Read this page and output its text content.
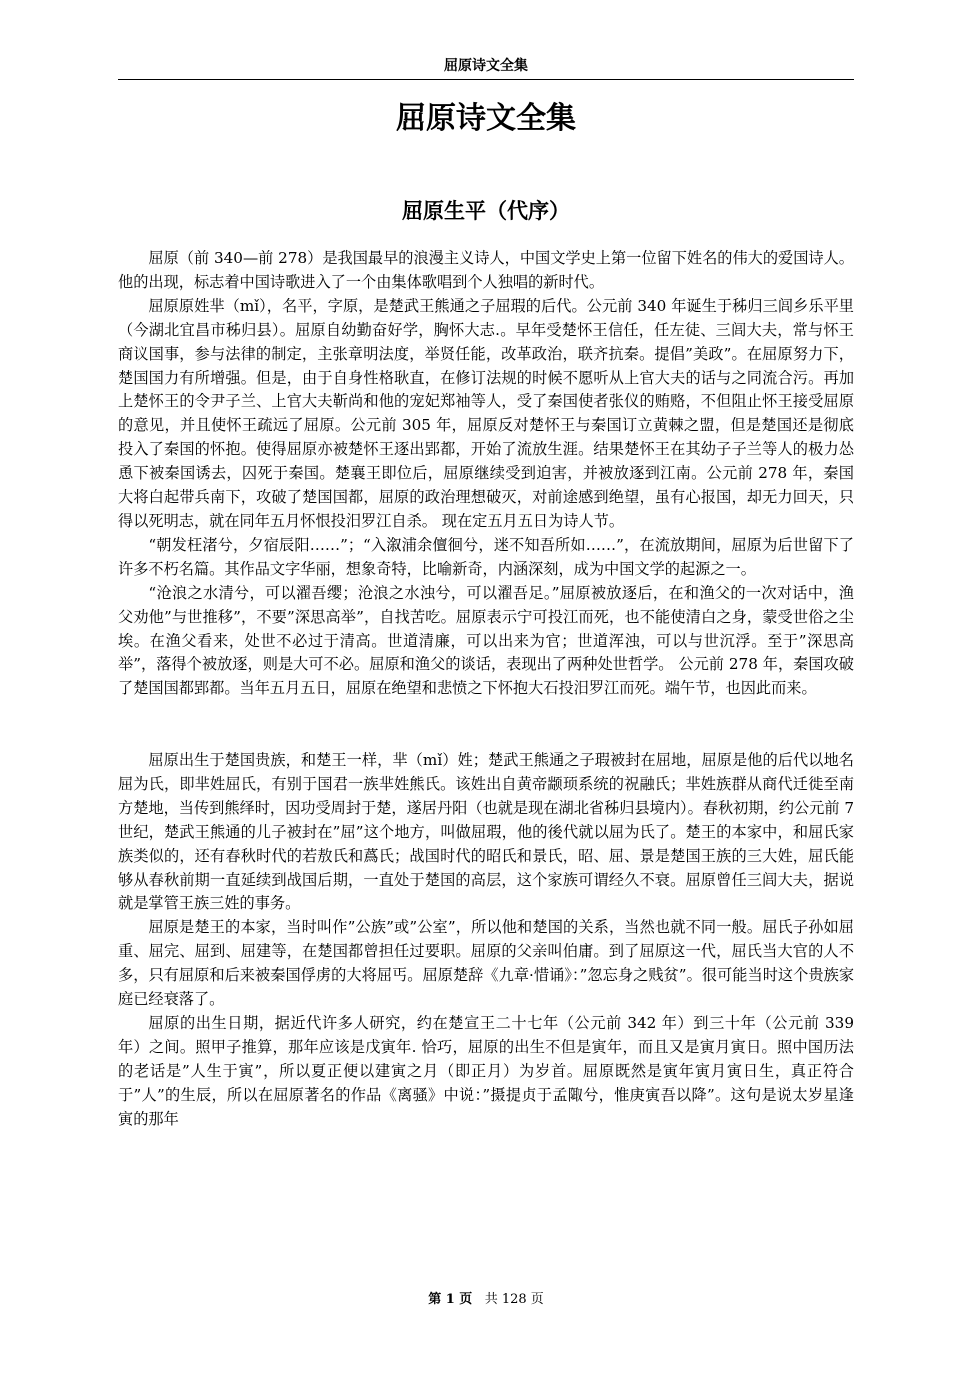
屈原诗文全集
屈原诗文全集
屈原生平（代序）

屈原（前 340—前 278）是我国最早的浪漫主义诗人，中国文学史上第一位留下姓名的伟大的爱国诗人。他的出现，标志着中国诗歌进入了一个由集体歌唱到个人独唱的新时代。

屈原原姓芈（mǐ），名平，字原，是楚武王熊通之子屈瑕的后代。公元前 340 年诞生于秭归三闾乡乐平里（今湖北宜昌市秭归县）。屈原自幼勤奋好学，胸怀大志.。早年受楚怀王信任，任左徒、三闾大夫，常与怀王商议国事，参与法律的制定，主张章明法度，举贤任能，改革政治，联齐抗秦。提倡”美政”。在屈原努力下，楚国国力有所增强。但是，由于自身性格耿直，在修订法规的时候不愿听从上官大夫的话与之同流合污。再加上楚怀王的令尹子兰、上官大夫靳尚和他的宠妃郑袖等人，受了秦国使者张仪的贿赂，不但阻止怀王接受屈原的意见，并且使怀王疏远了屈原。公元前 305 年，屈原反对楚怀王与秦国订立黄棘之盟，但是楚国还是彻底投入了秦国的怀抱。使得屈原亦被楚怀王逐出郢都，开始了流放生涯。结果楚怀王在其幼子子兰等人的极力怂恿下被秦国诱去，囚死于秦国。楚襄王即位后，屈原继续受到迫害，并被放逐到江南。公元前 278 年，秦国大将白起带兵南下，攻破了楚国国都，屈原的政治理想破灭，对前途感到绝望，虽有心报国，却无力回天，只得以死明志，就在同年五月怀恨投汨罗江自杀。 现在定五月五日为诗人节。

“朝发枉渚兮，夕宿辰阳……”；“入溆浦余儃徊兮，迷不知吾所如……”，在流放期间，屈原为后世留下了许多不朽名篇。其作品文字华丽，想象奇特，比喻新奇，内涵深刻，成为中国文学的起源之一。

“沧浪之水清兮，可以濯吾缨；沧浪之水浊兮，可以濯吾足。”屈原被放逐后，在和渔父的一次对话中，渔父劝他”与世推移”，不要”深思高举”，自找苦吃。屈原表示宁可投江而死，也不能使清白之身，蒙受世俗之尘埃。在渔父看来，处世不必过于清高。世道清廉，可以出来为官；世道浑浊，可以与世沉浮。至于”深思高举”，落得个被放逐，则是大可不必。屈原和渔父的谈话，表现出了两种处世哲学。 公元前 278 年，秦国攻破了楚国国都郢都。当年五月五日，屈原在绝望和悲愤之下怀抱大石投汨罗江而死。端午节，也因此而来。

屈原出生于楚国贵族，和楚王一样，芈（mǐ）姓；楚武王熊通之子瑕被封在屈地，屈原是他的后代以地名屈为氏，即芈姓屈氏，有别于国君一族芈姓熊氏。该姓出自黄帝颛顼系统的祝融氏；芈姓族群从商代迁徙至南方楚地，当传到熊绎时，因功受周封于楚，遂居丹阳（也就是现在湖北省秭归县境内）。春秋初期，约公元前 7 世纪，楚武王熊通的儿子被封在”屈”这个地方，叫做屈瑕，他的後代就以屈为氏了。楚王的本家中，和屈氏家族类似的，还有春秋时代的若敖氏和蔿氏；战国时代的昭氏和景氏，昭、屈、景是楚国王族的三大姓，屈氏能够从春秋前期一直延续到战国后期，一直处于楚国的高层，这个家族可谓经久不衰。屈原曾任三闾大夫，据说就是掌管王族三姓的事务。

屈原是楚王的本家，当时叫作”公族”或”公室”，所以他和楚国的关系，当然也就不同一般。屈氏子孙如屈重、屈完、屈到、屈建等，在楚国都曾担任过要职。屈原的父亲叫伯庸。到了屈原这一代，屈氏当大官的人不多，只有屈原和后来被秦国俘虏的大将屈丐。屈原楚辞《九章·惜诵》：”忽忘身之贱贫”。很可能当时这个贵族家庭已经衰落了。

屈原的出生日期，据近代许多人研究，约在楚宣王二十七年（公元前 342 年）到三十年（公元前 339 年）之间。照甲子推算，那年应该是戊寅年. 恰巧，屈原的出生不但是寅年，而且又是寅月寅日。照中国历法的老话是”人生于寅”，所以夏正便以建寅之月（即正月）为岁首。屈原既然是寅年寅月寅日生，真正符合于”人”的生辰，所以在屈原著名的作品《离骚》中说：”摄提贞于孟陬兮，惟庚寅吾以降”。这句是说太岁星逢寅的那年

第 1 页 共 128 页
